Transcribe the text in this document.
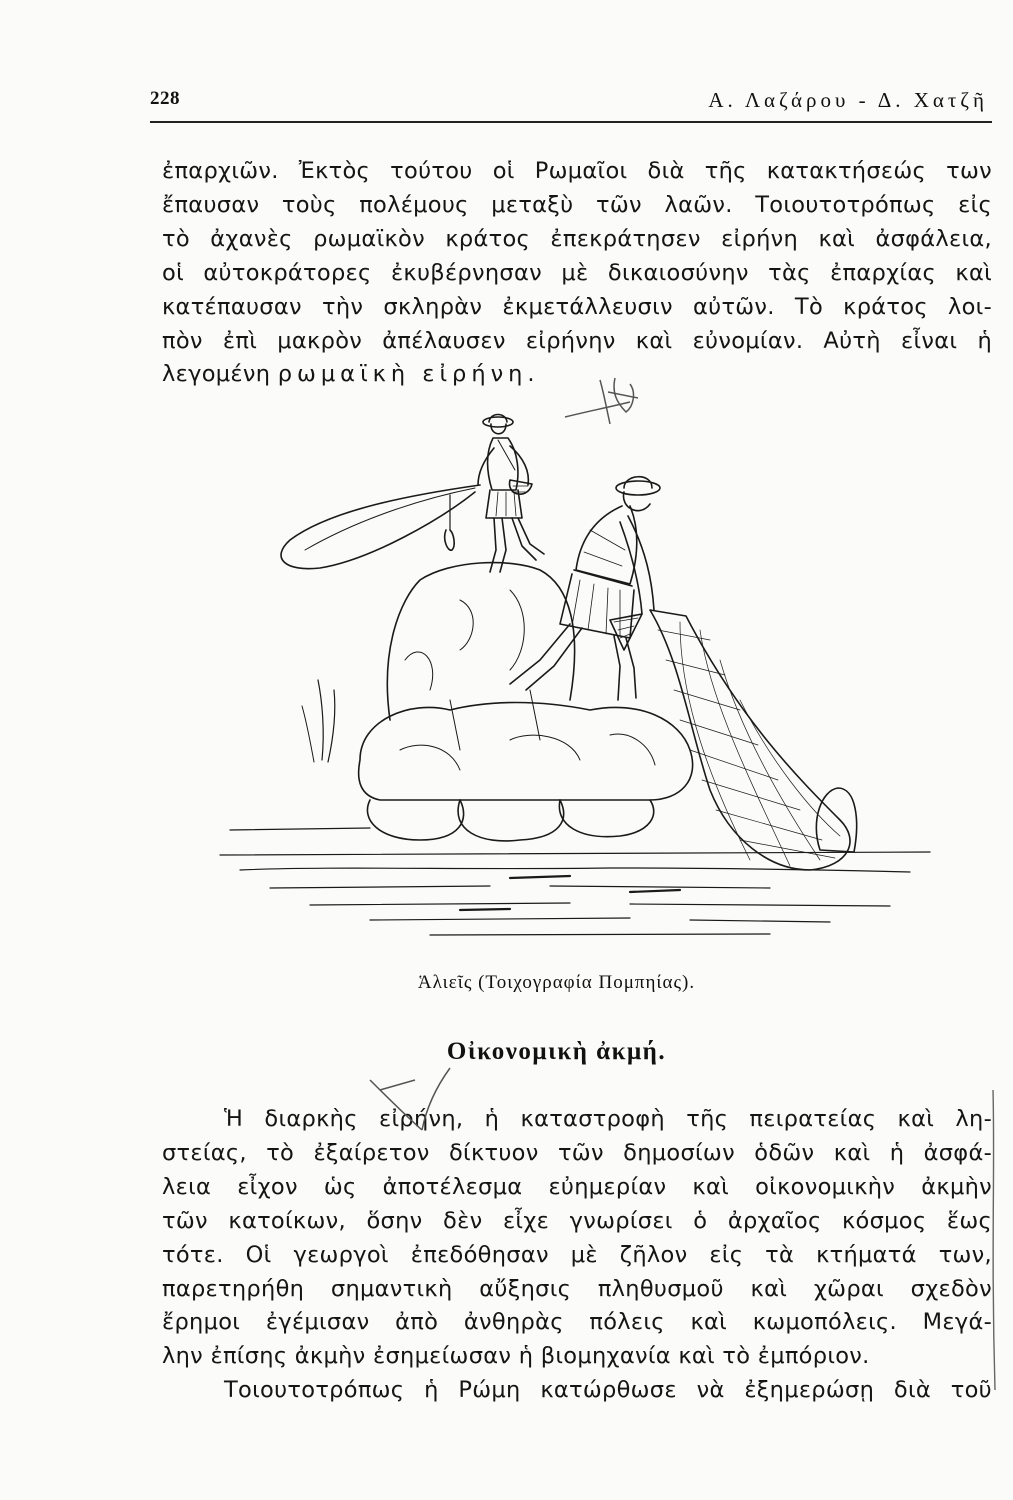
228	Α. Λαζάρου - Δ. Χατζῆ
ἐπαρχιῶν. Ἐκτὸς τούτου οἱ Ρωμαῖοι διὰ τῆς κατακτήσεώς των
ἔπαυσαν τοὺς πολέμους μεταξὺ τῶν λαῶν. Τοιουτοτρόπως εἰς
τὸ ἀχανὲς ρωμαϊκὸν κράτος ἐπεκράτησεν εἰρήνη καὶ ἀσφάλεια,
οἱ αὐτοκράτορες ἐκυβέρνησαν μὲ δικαιοσύνην τὰς ἐπαρχίας καὶ
κατέπαυσαν τὴν σκληρὰν ἐκμετάλλευσιν αὐτῶν. Τὸ κράτος λοι-
πὸν ἐπὶ μακρὸν ἀπέλαυσεν εἰρήνην καὶ εὐνομίαν. Αὐτὴ εἶναι ἡ
λεγομένη ρωμαϊκὴ εἰρήνη.
Ἁλιεῖς (Τοιχογραφία Πομπηίας).
Οἰκονομικὴ ἀκμή.
Ἡ διαρκὴς εἰρήνη, ἡ καταστροφὴ τῆς πειρατείας καὶ λη-
στείας, τὸ ἐξαίρετον δίκτυον τῶν δημοσίων ὁδῶν καὶ ἡ ἀσφά-
λεια εἶχον ὡς ἀποτέλεσμα εὐημερίαν καὶ οἰκονομικὴν ἀκμὴν
τῶν κατοίκων, ὅσην δὲν εἶχε γνωρίσει ὁ ἀρχαῖος κόσμος ἕως
τότε. Οἱ γεωργοὶ ἐπεδόθησαν μὲ ζῆλον εἰς τὰ κτήματά των,
παρετηρήθη σημαντικὴ αὔξησις πληθυσμοῦ καὶ χῶραι σχεδὸν
ἔρημοι ἐγέμισαν ἀπὸ ἀνθηρὰς πόλεις καὶ κωμοπόλεις. Μεγά-
λην ἐπίσης ἀκμὴν ἐσημείωσαν ἡ βιομηχανία καὶ τὸ ἐμπόριον.
Τοιουτοτρόπως ἡ Ρώμη κατώρθωσε νὰ ἐξημερώσῃ διὰ τοῦ
